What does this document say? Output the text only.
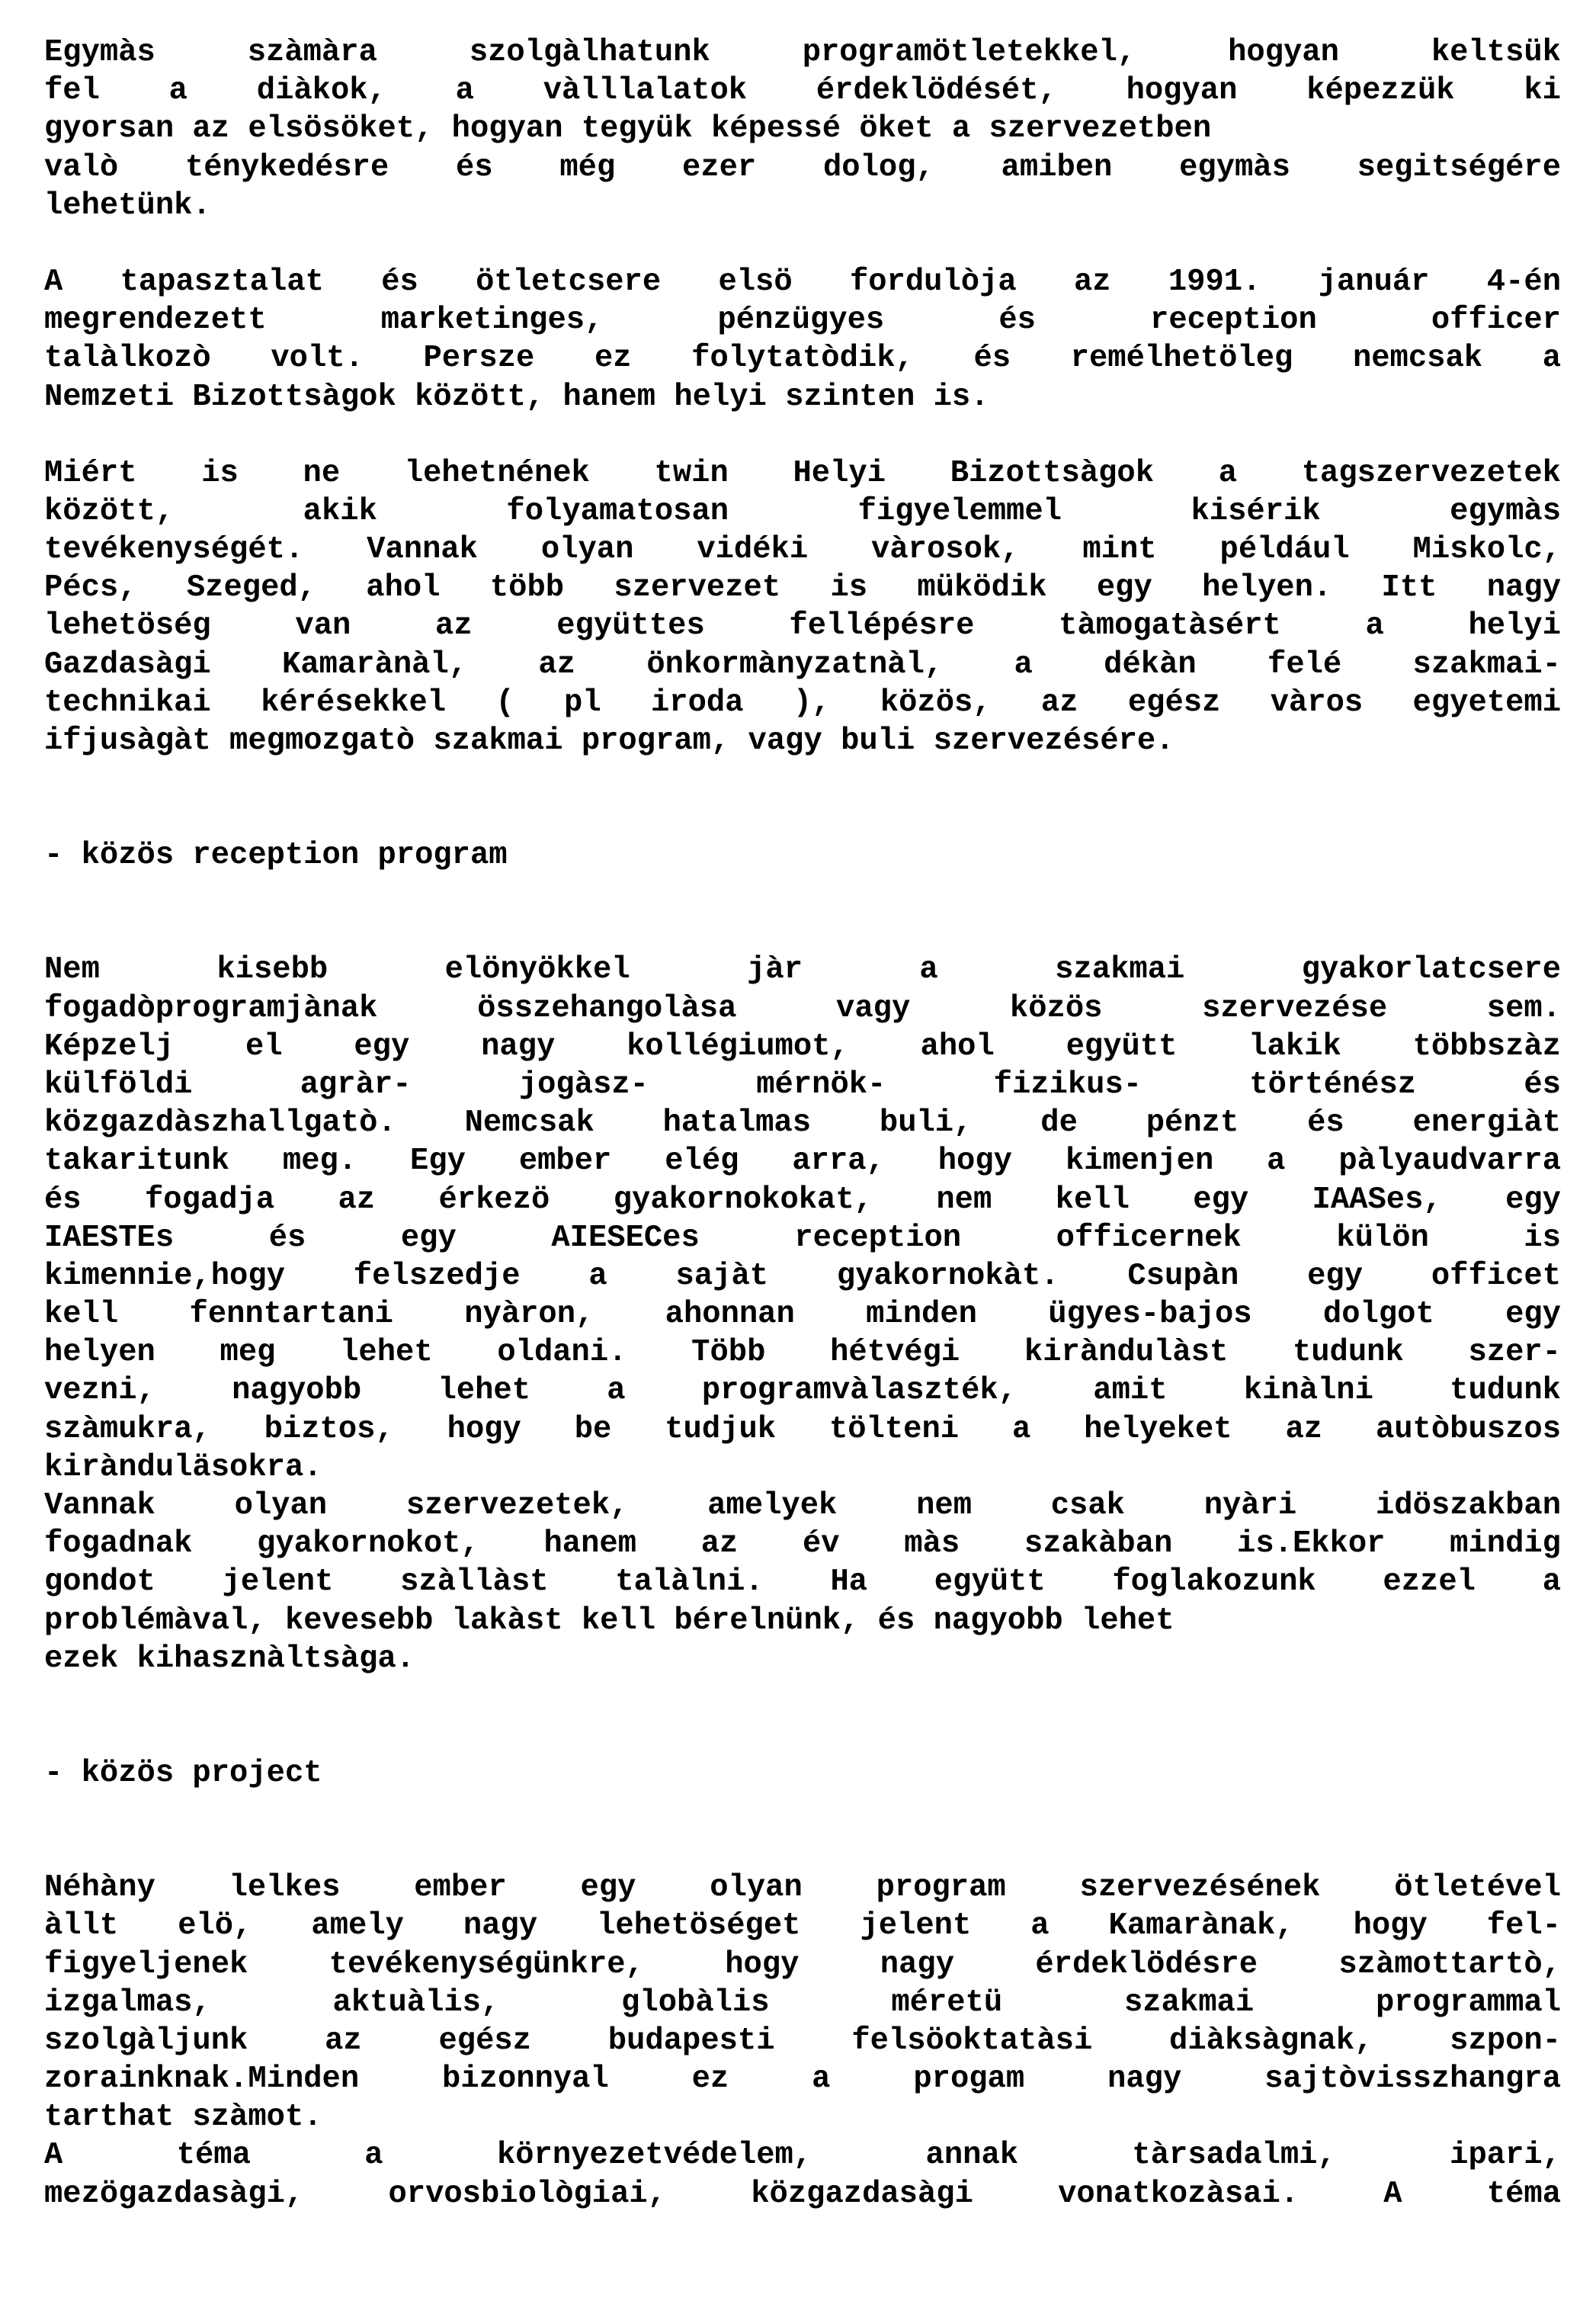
Egymàs szàmàra szolgàlhatunk programötletekkel, hogyan keltsük
fel a diàkok, a vàlllalatok érdeklödését, hogyan képezzük ki
gyorsan az elsösöket, hogyan tegyük képessé öket a szervezetben
valò ténykedésre és még ezer dolog, amiben egymàs segitségére
lehetünk.
A tapasztalat és ötletcsere elsö fordulòja az 1991. január 4-én
megrendezett marketinges, pénzügyes és reception officer
talàlkozò volt. Persze ez folytatòdik, és remélhetöleg nemcsak a
Nemzeti Bizottsàgok között, hanem helyi szinten is.
Miért is ne lehetnének twin Helyi Bizottsàgok a tagszervezetek
között, akik folyamatosan figyelemmel kisérik egymàs
tevékenységét. Vannak olyan vidéki vàrosok, mint például Miskolc,
Pécs, Szeged, ahol több szervezet is müködik egy helyen. Itt nagy
lehetöség van az együttes fellépésre tàmogatàsért a helyi
Gazdasàgi Kamarànàl, az önkormànyzatnàl, a dékàn felé szakmai-
technikai kérésekkel ( pl iroda ), közös, az egész vàros egyetemi
ifjusàgàt megmozgatò szakmai program, vagy buli szervezésére.
- közös reception program
Nem kisebb elönyökkel jàr a szakmai gyakorlatcsere
fogadòprogramjànak összehangolàsa vagy közös szervezése sem.
Képzelj el egy nagy kollégiumot, ahol együtt lakik többszàz
külföldi agràr- jogàsz- mérnök- fizikus- történész és
közgazdàszhallgatò. Nemcsak hatalmas buli, de pénzt és energiàt
takaritunk meg. Egy ember elég arra, hogy kimenjen a pàlyaudvarra
és fogadja az érkezö gyakornokokat, nem kell egy IAASes, egy
IAESTEs és egy AIESECes reception officernek külön is
kimennie,hogy felszedje a sajàt gyakornokàt. Csupàn egy officet
kell fenntartani nyàron, ahonnan minden ügyes-bajos dolgot egy
helyen meg lehet oldani. Több hétvégi kiràndulàst tudunk szer-
vezni, nagyobb lehet a programvàlaszték, amit kinàlni tudunk
szàmukra, biztos, hogy be tudjuk tölteni a helyeket az autòbuszos
kirànduläsokra.
Vannak olyan szervezetek, amelyek nem csak nyàri idöszakban
fogadnak gyakornokot, hanem az év màs szakàban is.Ekkor mindig
gondot jelent szàllàst talàlni. Ha együtt foglakozunk ezzel a
problémàval, kevesebb lakàst kell bérelnünk, és nagyobb lehet
ezek kihasznàltsàga.
- közös project
Néhàny lelkes ember egy olyan program szervezésének ötletével
àllt elö, amely nagy lehetöséget jelent a Kamarànak, hogy fel-
figyeljenek tevékenységünkre, hogy nagy érdeklödésre szàmottartò,
izgalmas, aktuàlis, globàlis méretü szakmai programmal
szolgàljunk az egész budapesti felsöoktatàsi diàksàgnak, szpon-
zorainknak.Minden bizonnyal ez a progam nagy sajtòvisszhangra
tarthat szàmot.
A téma a környezetvédelem, annak tàrsadalmi, ipari,
mezögazdasàgi, orvosbiològiai, közgazdasàgi vonatkozàsai. A téma
